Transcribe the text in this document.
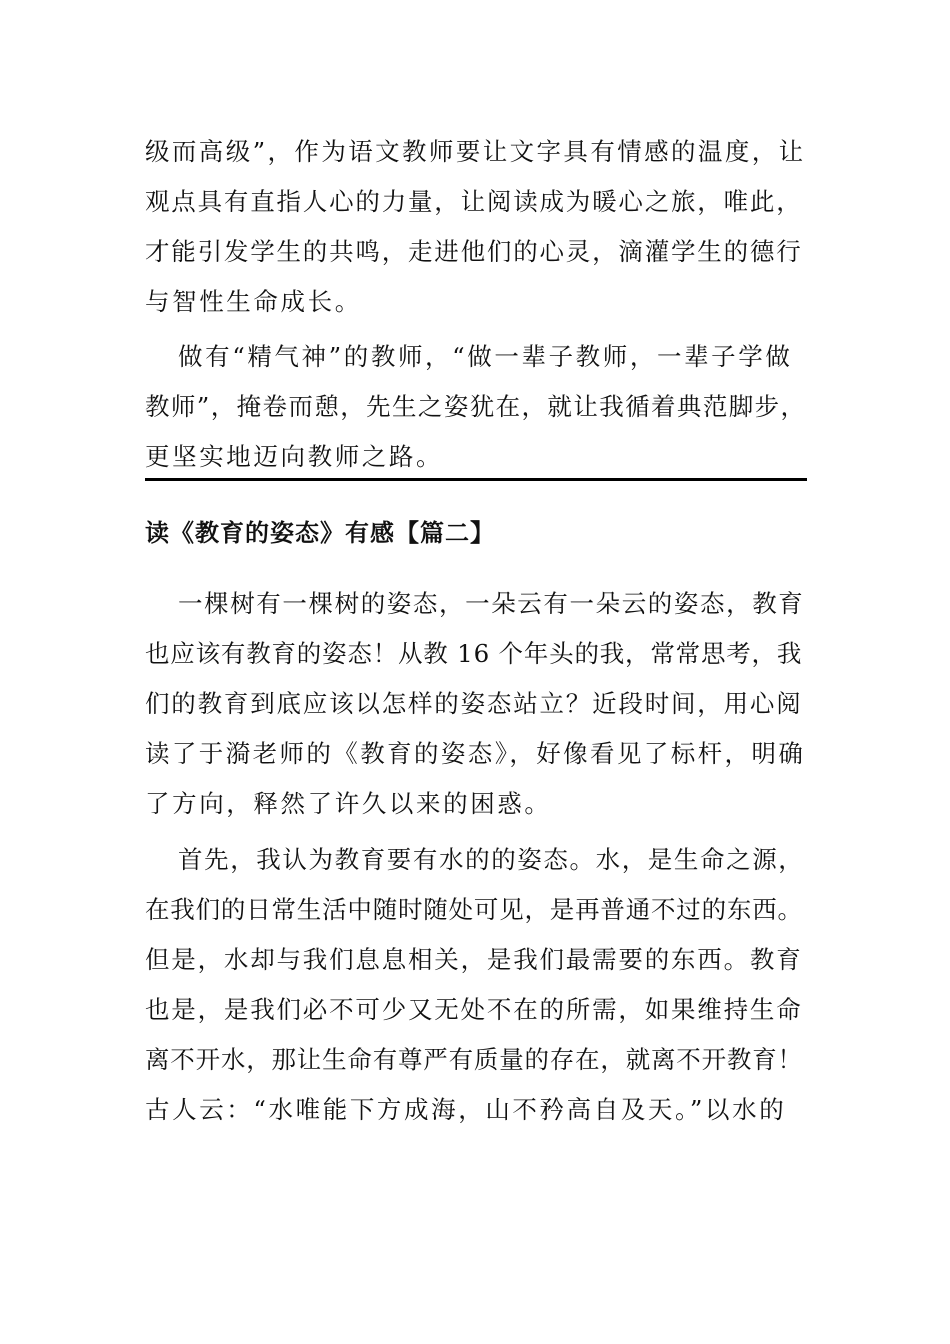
级而高级”，作为语文教师要让文字具有情感的温度，让
观点具有直指人心的力量，让阅读成为暖心之旅，唯此，
才能引发学生的共鸣，走进他们的心灵，滴灌学生的德行
与智性生命成长。
做有“精气神”的教师，“做一辈子教师，一辈子学做
教师”，掩卷而憩，先生之姿犹在，就让我循着典范脚步，
更坚实地迈向教师之路。
读《教育的姿态》有感【篇二】
一棵树有一棵树的姿态，一朵云有一朵云的姿态，教育
也应该有教育的姿态！从教 16 个年头的我，常常思考，我
们的教育到底应该以怎样的姿态站立？近段时间，用心阅
读了于漪老师的《教育的姿态》，好像看见了标杆，明确
了方向，释然了许久以来的困惑。
首先，我认为教育要有水的的姿态。水，是生命之源，
在我们的日常生活中随时随处可见，是再普通不过的东西。
但是，水却与我们息息相关，是我们最需要的东西。教育
也是，是我们必不可少又无处不在的所需，如果维持生命
离不开水，那让生命有尊严有质量的存在，就离不开教育！
古人云：“水唯能下方成海，山不矜高自及天。”以水的
